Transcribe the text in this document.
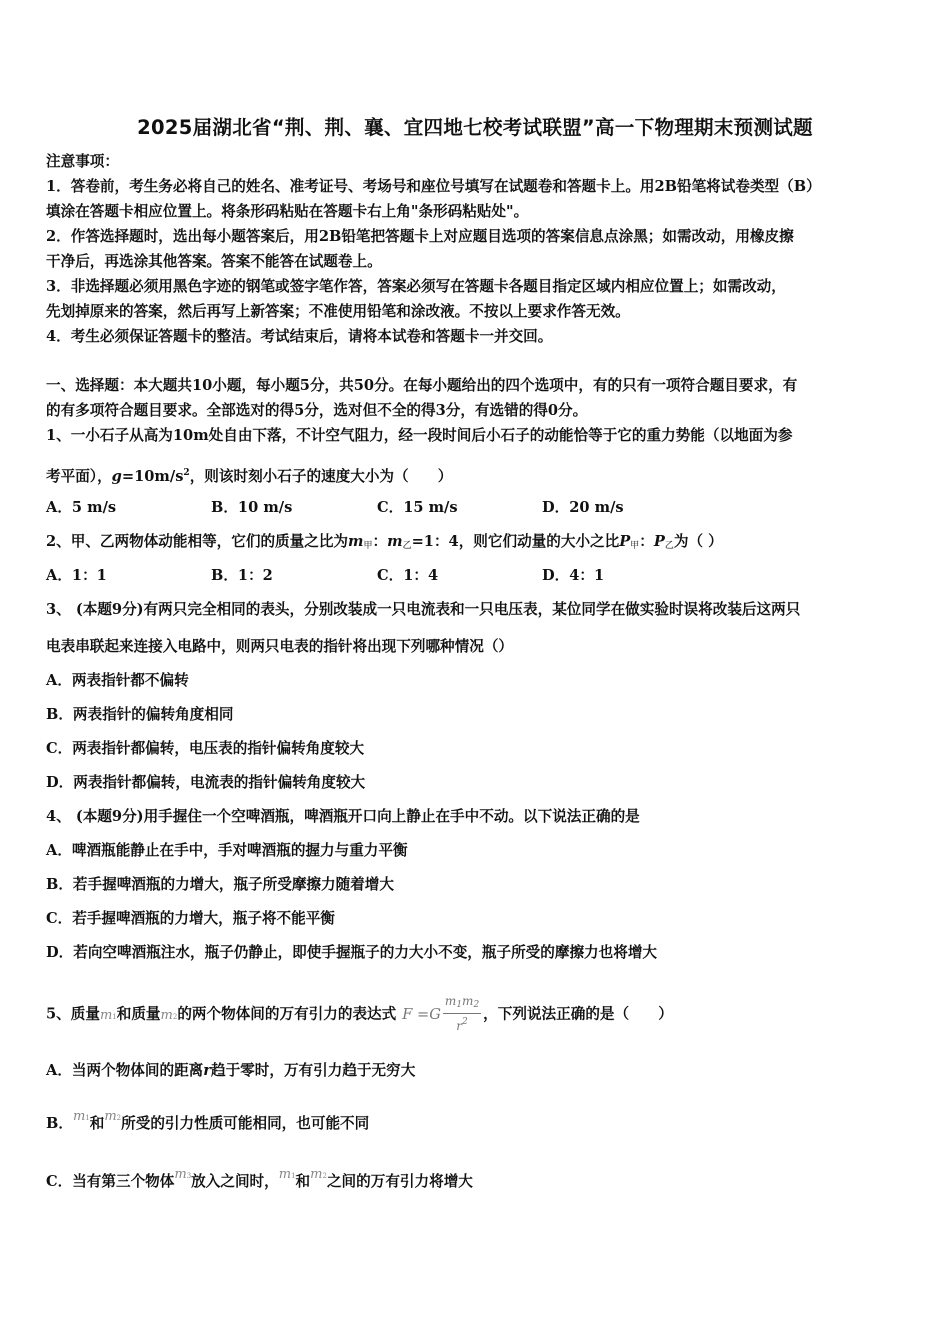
2025届湖北省“荆、荆、襄、宜四地七校考试联盟”高一下物理期末预测试题
注意事项：
1．答卷前，考生务必将自己的姓名、准考证号、考场号和座位号填写在试题卷和答题卡上。用2B铅笔将试卷类型（B）
填涂在答题卡相应位置上。将条形码粘贴在答题卡右上角"条形码粘贴处"。
2．作答选择题时，选出每小题答案后，用2B铅笔把答题卡上对应题目选项的答案信息点涂黑；如需改动，用橡皮擦
干净后，再选涂其他答案。答案不能答在试题卷上。
3．非选择题必须用黑色字迹的钢笔或签字笔作答，答案必须写在答题卡各题目指定区域内相应位置上；如需改动，
先划掉原来的答案，然后再写上新答案；不准使用铅笔和涂改液。不按以上要求作答无效。
4．考生必须保证答题卡的整洁。考试结束后，请将本试卷和答题卡一并交回。
一、选择题：本大题共10小题，每小题5分，共50分。在每小题给出的四个选项中，有的只有一项符合题目要求，有
的有多项符合题目要求。全部选对的得5分，选对但不全的得3分，有选错的得0分。
1、一小石子从高为10m处自由下落，不计空气阻力，经一段时间后小石子的动能恰等于它的重力势能（以地面为参
考平面），$g=10m/s^2$，则该时刻小石子的速度大小为（　　）
A．5 m/s	B．10 m/s	C．15 m/s	D．20 m/s
2、甲、乙两物体动能相等，它们的质量之比为$m_甲$：$m_乙=1$：4，则它们动量的大小之比$P_甲$：$P_乙$为（ ）
A．1：1	B．1：2	C．1：4	D．4：1
3、 (本题9分)有两只完全相同的表头，分别改装成一只电流表和一只电压表，某位同学在做实验时误将改装后这两只
电表串联起来连接入电路中，则两只电表的指针将出现下列哪种情况（）
A．两表指针都不偏转
B．两表指针的偏转角度相同
C．两表指针都偏转，电压表的指针偏转角度较大
D．两表指针都偏转，电流表的指针偏转角度较大
4、 (本题9分)用手握住一个空啤酒瓶，啤酒瓶开口向上静止在手中不动。以下说法正确的是
A．啤酒瓶能静止在手中，手对啤酒瓶的握力与重力平衡
B．若手握啤酒瓶的力增大，瓶子所受摩擦力随着增大
C．若手握啤酒瓶的力增大，瓶子将不能平衡
D．若向空啤酒瓶注水，瓶子仍静止，即使手握瓶子的力大小不变，瓶子所受的摩擦力也将增大
5、质量m1和质量m2的两个物体间的万有引力的表达式 $F =G \frac{m_1m_2}{r^2}$ ，下列说法正确的是（　　）
A．当两个物体间的距离r趋于零时，万有引力趋于无穷大
B．m1和m2所受的引力性质可能相同，也可能不同
C．当有第三个物体m3放入之间时，m1和m2之间的万有引力将增大
